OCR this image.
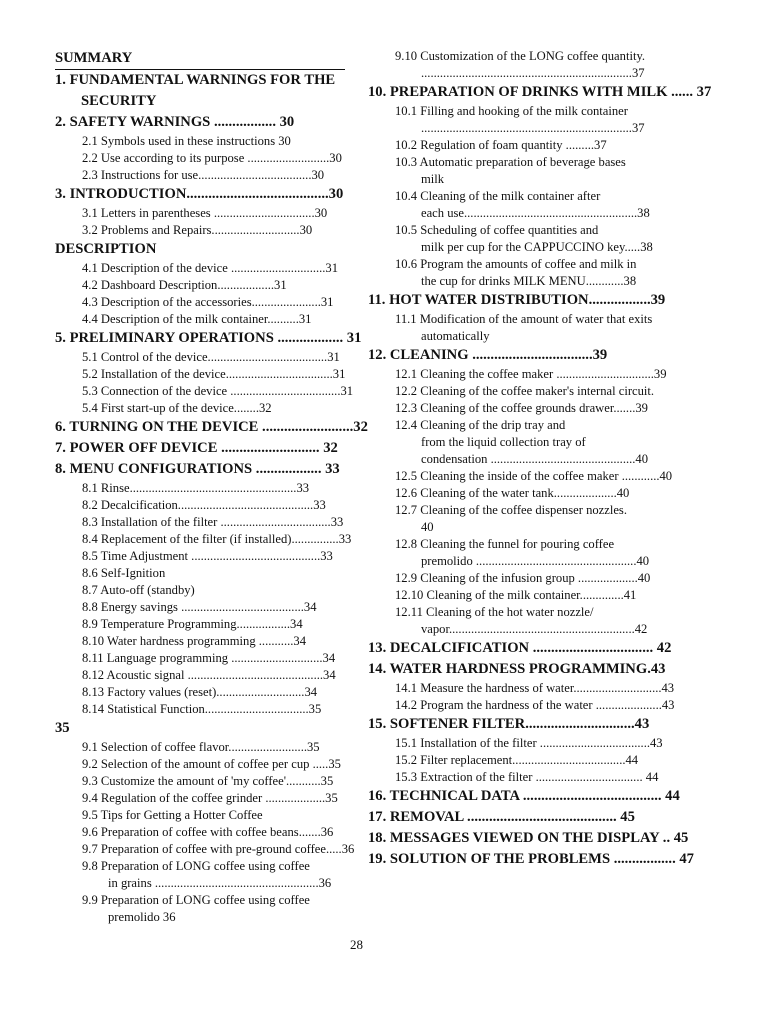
SUMMARY
1. FUNDAMENTAL WARNINGS FOR THE
SECURITY
2. SAFETY WARNINGS ................. 30
2.1 Symbols used in these instructions 30
2.2 Use according to its purpose ..........................30
2.3 Instructions for use....................................30
3. INTRODUCTION.......................................30
3.1 Letters in parentheses ................................30
3.2 Problems and Repairs............................30
DESCRIPTION
4.1 Description of the device ..............................31
4.2 Dashboard Description..................31
4.3 Description of the accessories......................31
4.4 Description of the milk container..........31
5. PRELIMINARY OPERATIONS .................. 31
5.1 Control of the device......................................31
5.2 Installation of the device..................................31
5.3 Connection of the device ...................................31
5.4 First start-up of the device........32
6. TURNING ON THE DEVICE .........................32
7. POWER OFF DEVICE ........................... 32
8. MENU CONFIGURATIONS .................. 33
8.1 Rinse.....................................................33
8.2 Decalcification...........................................33
8.3 Installation of the filter ...................................33
8.4 Replacement of the filter (if installed)...............33
8.5 Time Adjustment .........................................33
8.6 Self-Ignition
8.7 Auto-off (standby)
8.8 Energy savings .......................................34
8.9 Temperature Programming.................34
8.10 Water hardness programming ...........34
8.11 Language programming .............................34
8.12 Acoustic signal ...........................................34
8.13 Factory values (reset)............................34
8.14 Statistical Function.................................35
35
9.1 Selection of coffee flavor.........................35
9.2 Selection of the amount of coffee per cup .....35
9.3 Customize the amount of 'my coffee'...........35
9.4 Regulation of the coffee grinder ...................35
9.5 Tips for Getting a Hotter Coffee
9.6 Preparation of coffee with coffee beans.......36
9.7 Preparation of coffee with pre-ground coffee.....36
9.8 Preparation of LONG coffee using coffee
in grains ....................................................36
9.9 Preparation of LONG coffee using coffee
premolido 36
9.10 Customization of the LONG coffee quantity.
...................................................................37
10. PREPARATION OF DRINKS WITH MILK ...... 37
10.1 Filling and hooking of the milk container
...................................................................37
10.2 Regulation of foam quantity .........37
10.3 Automatic preparation of beverage bases
milk
10.4 Cleaning of the milk container after
each use.......................................................38
10.5 Scheduling of coffee quantities and
milk per cup for the CAPPUCCINO key.....38
10.6 Program the amounts of coffee and milk in
the cup for drinks MILK MENU............38
11. HOT WATER DISTRIBUTION.................39
11.1 Modification of the amount of water that exits
automatically
12. CLEANING .................................39
12.1 Cleaning the coffee maker ...............................39
12.2 Cleaning of the coffee maker's internal circuit.
12.3 Cleaning of the coffee grounds drawer.......39
12.4 Cleaning of the drip tray and
from the liquid collection tray of
condensation ..............................................40
12.5 Cleaning the inside of the coffee maker ............40
12.6 Cleaning of the water tank....................40
12.7 Cleaning of the coffee dispenser nozzles.
40
12.8 Cleaning the funnel for pouring coffee
premolido ...................................................40
12.9 Cleaning of the infusion group ...................40
12.10 Cleaning of the milk container..............41
12.11 Cleaning of the hot water nozzle/
vapor...........................................................42
13. DECALCIFICATION ................................. 42
14. WATER HARDNESS PROGRAMMING.43
14.1 Measure the hardness of water............................43
14.2 Program the hardness of the water .....................43
15. SOFTENER FILTER..............................43
15.1 Installation of the filter ...................................43
15.2 Filter replacement....................................44
15.3 Extraction of the filter .................................. 44
16. TECHNICAL DATA ...................................... 44
17. REMOVAL ......................................... 45
18. MESSAGES VIEWED ON THE DISPLAY .. 45
19. SOLUTION OF THE PROBLEMS ................. 47
28
